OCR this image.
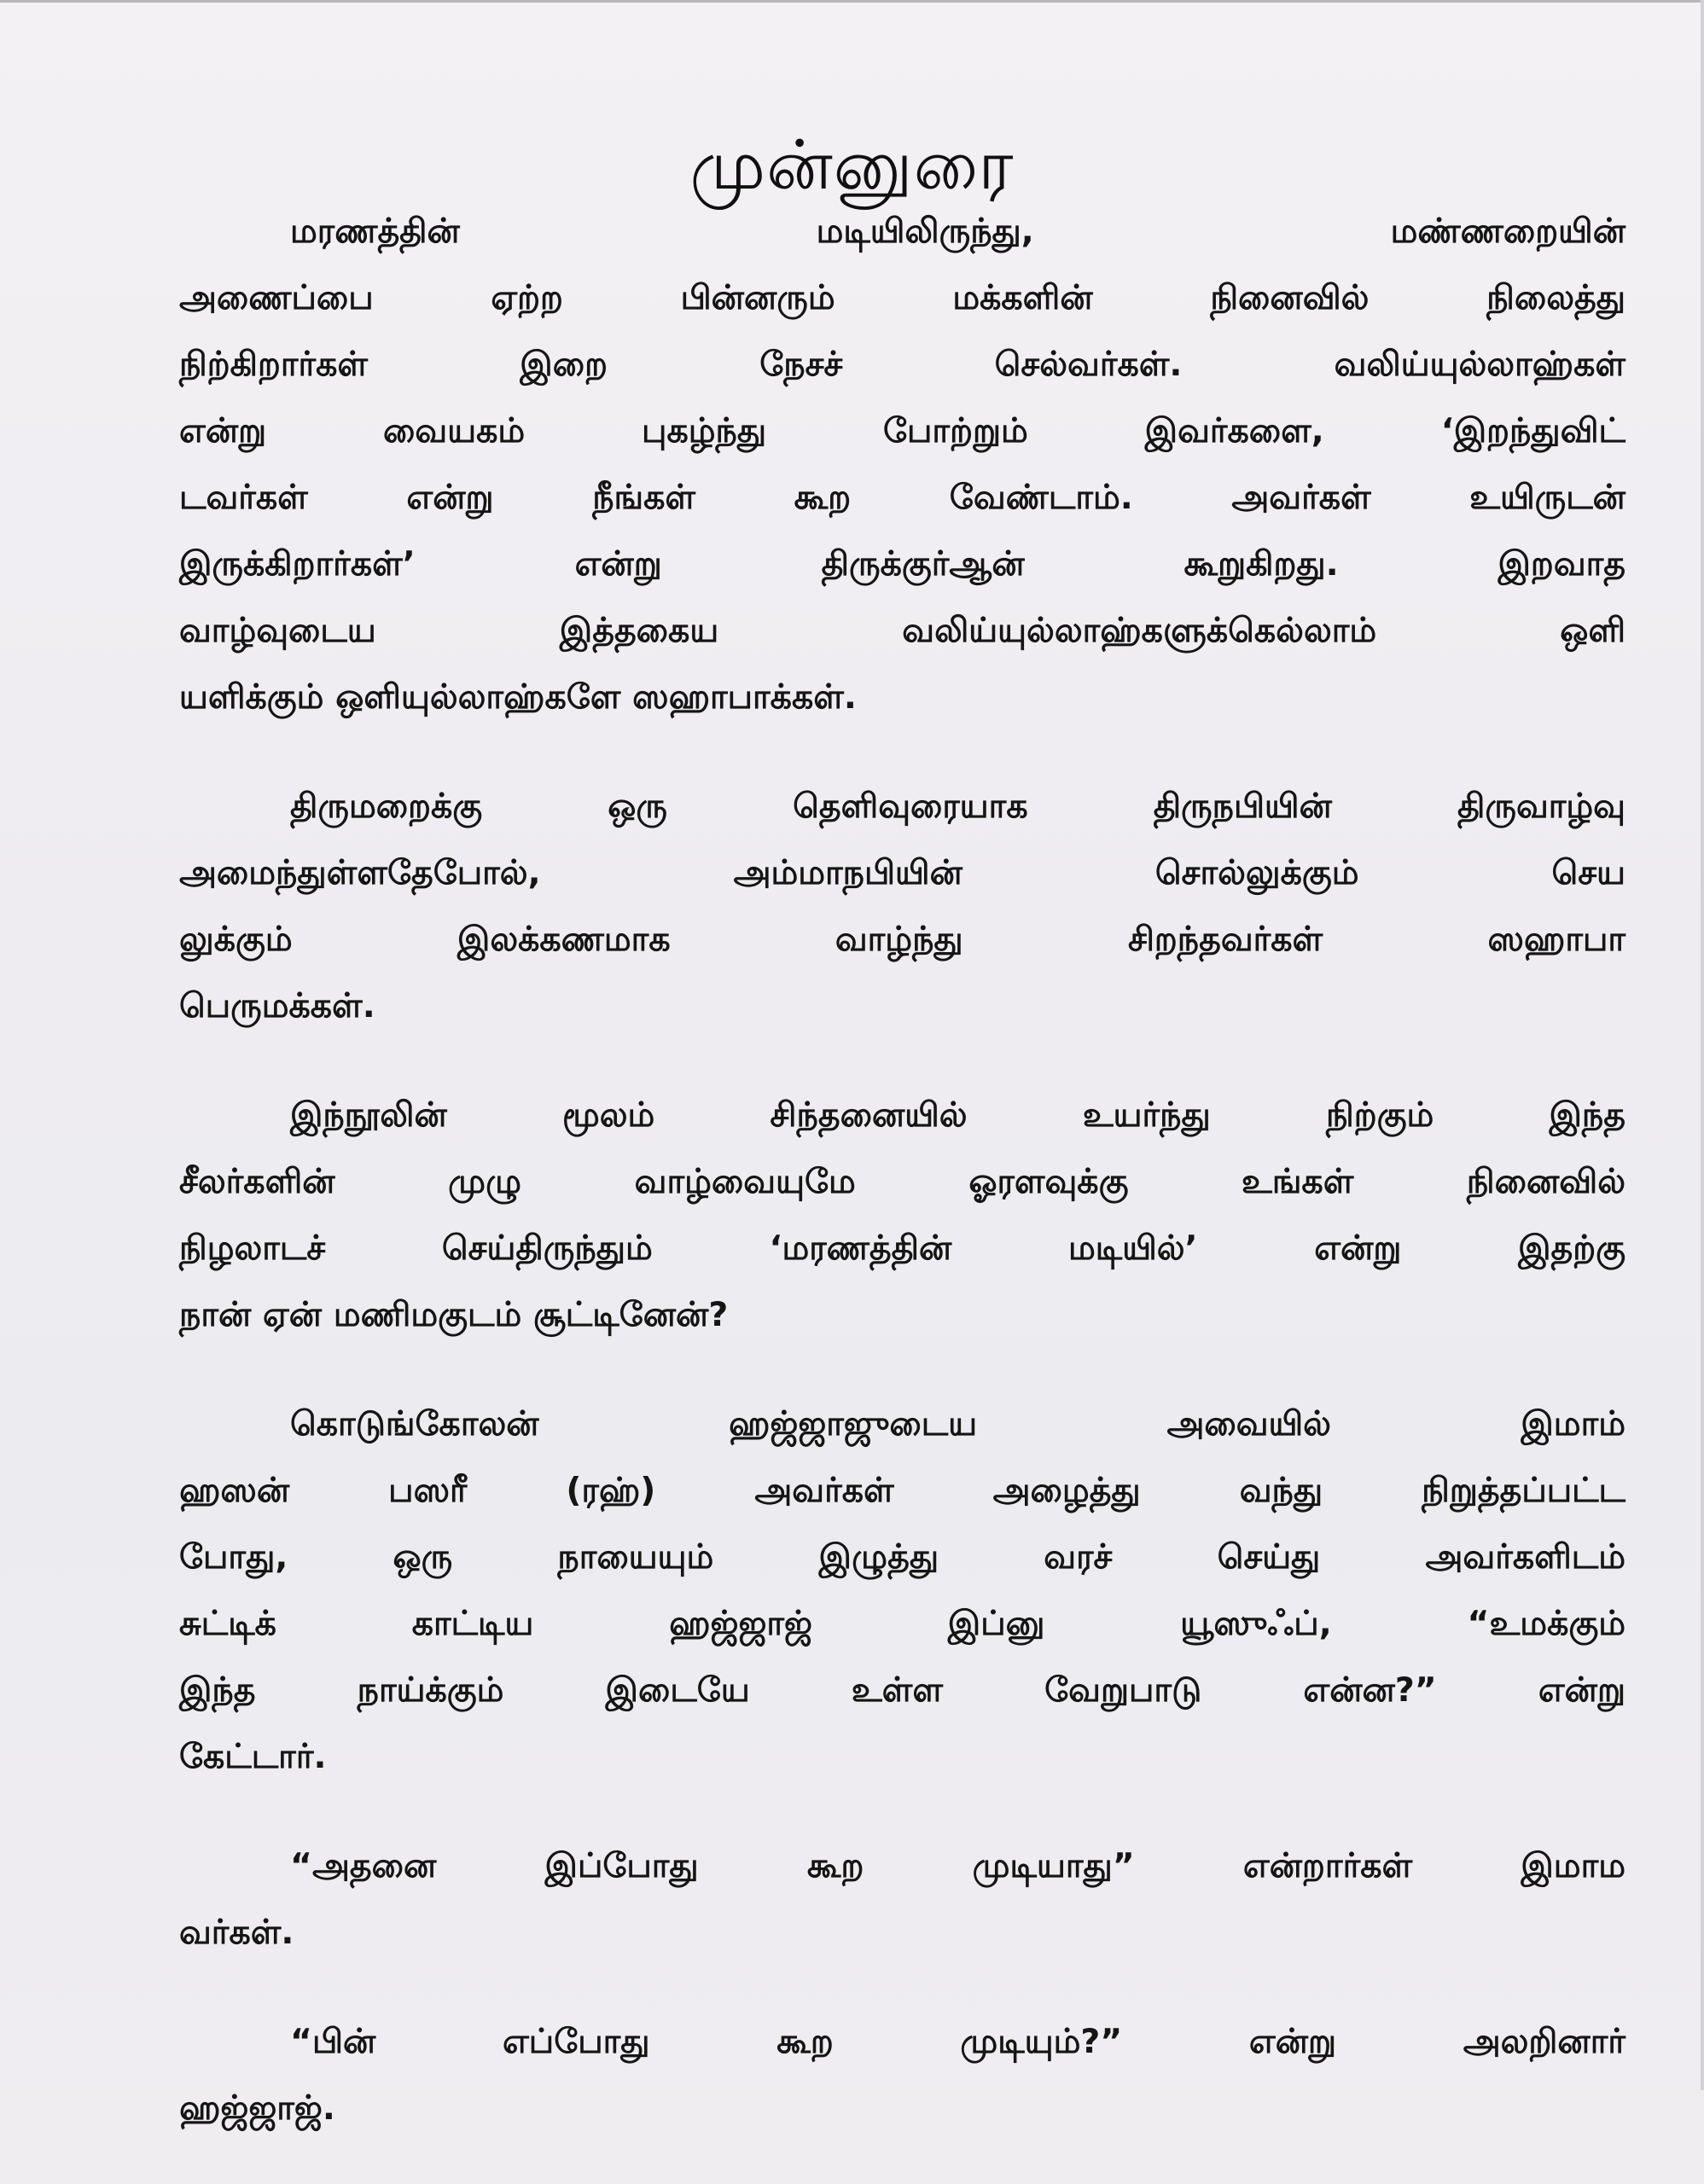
முன்னுரை
மரணத்தின் மடியிலிருந்து, மண்ணறையின்
அணைப்பை ஏற்ற பின்னரும் மக்களின் நினைவில் நிலைத்து
நிற்கிறார்கள் இறை நேசச் செல்வர்கள். வலிய்யுல்லாஹ்கள்
என்று வையகம் புகழ்ந்து போற்றும் இவர்களை, ‘இறந்துவிட்
டவர்கள் என்று நீங்கள் கூற வேண்டாம். அவர்கள் உயிருடன்
இருக்கிறார்கள்’ என்று திருக்குர்ஆன் கூறுகிறது. இறவாத
வாழ்வுடைய இத்தகைய வலிய்யுல்லாஹ்களுக்கெல்லாம் ஒளி
யளிக்கும் ஒளியுல்லாஹ்களே ஸஹாபாக்கள்.
திருமறைக்கு ஒரு தெளிவுரையாக திருநபியின் திருவாழ்வு
அமைந்துள்ளதேபோல், அம்மாநபியின் சொல்லுக்கும் செய
லுக்கும் இலக்கணமாக வாழ்ந்து சிறந்தவர்கள் ஸஹாபா
பெருமக்கள்.
இந்நூலின் மூலம் சிந்தனையில் உயர்ந்து நிற்கும் இந்த
சீலர்களின் முழு வாழ்வையுமே ஓரளவுக்கு உங்கள் நினைவில்
நிழலாடச் செய்திருந்தும் ‘மரணத்தின் மடியில்’ என்று இதற்கு
நான் ஏன் மணிமகுடம் சூட்டினேன்?
கொடுங்கோலன் ஹஜ்ஜாஜுடைய அவையில் இமாம்
ஹஸன் பஸரீ (ரஹ்) அவர்கள் அழைத்து வந்து நிறுத்தப்பட்ட
போது, ஒரு நாயையும் இழுத்து வரச் செய்து அவர்களிடம்
சுட்டிக் காட்டிய ஹஜ்ஜாஜ் இப்னு யூஸுஃப், “உமக்கும்
இந்த நாய்க்கும் இடையே உள்ள வேறுபாடு என்ன?” என்று
கேட்டார்.
“அதனை இப்போது கூற முடியாது” என்றார்கள் இமாம
வர்கள்.
“பின் எப்போது கூற முடியும்?” என்று அலறினார்
ஹஜ்ஜாஜ்.
